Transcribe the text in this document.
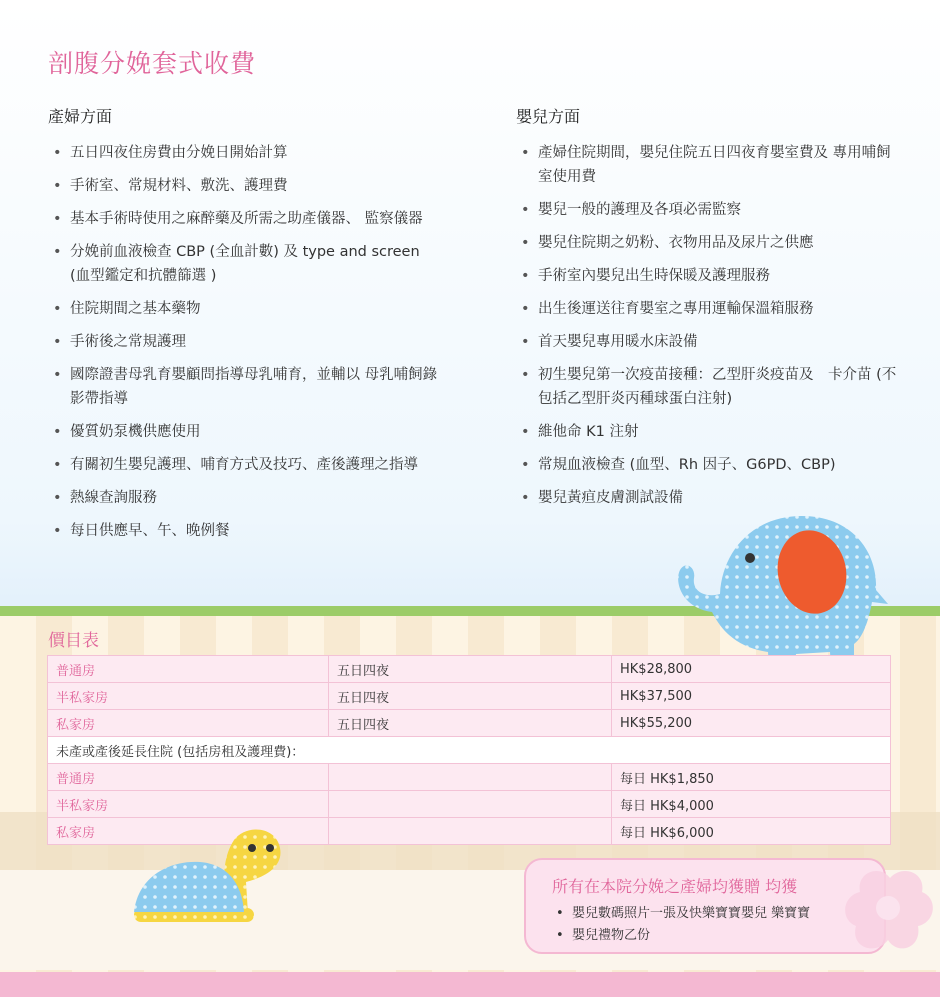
剖腹分娩套式收費
產婦方面
• 五日四夜住房費由分娩日開始計算
• 手術室、常規材料、敷洗、護理費
• 基本手術時使用之麻醉藥及所需之助產儀器、 監察儀器
• 分娩前血液檢查 CBP (全血計數) 及 type and screen (血型鑑定和抗體篩選 )
• 住院期間之基本藥物
• 手術後之常規護理
• 國際證書母乳育嬰顧問指導母乳哺育，並輔以 母乳哺飼錄影帶指導
• 優質奶泵機供應使用
• 有關初生嬰兒護理、哺育方式及技巧、產後護理之指導
• 熱線查詢服務
• 每日供應早、午、晚例餐
嬰兒方面
• 產婦住院期間，嬰兒住院五日四夜育嬰室費及 專用哺飼室使用費
• 嬰兒一般的護理及各項必需監察
• 嬰兒住院期之奶粉、衣物用品及尿片之供應
• 手術室內嬰兒出生時保暖及護理服務
• 出生後運送往育嬰室之專用運輸保溫箱服務
• 首天嬰兒專用暖水床設備
• 初生嬰兒第一次疫苗接種：乙型肝炎疫苗及　卡介苗 (不包括乙型肝炎丙種球蛋白注射)
• 維他命 K1 注射
• 常規血液檢查 (血型、Rh 因子、G6PD、CBP)
• 嬰兒黃疸皮膚測試設備
價目表
普通房	五日四夜	HK$28,800
半私家房	五日四夜	HK$37,500
私家房	五日四夜	HK$55,200
未產或產後延長住院 (包括房租及護理費)：		
普通房		每日 HK$1,850
半私家房		每日 HK$4,000
私家房		每日 HK$6,000
所有在本院分娩之產婦均獲贈 均獲
• 嬰兒數碼照片一張及快樂寶寶嬰兒 樂寶寶
• 嬰兒禮物乙份
